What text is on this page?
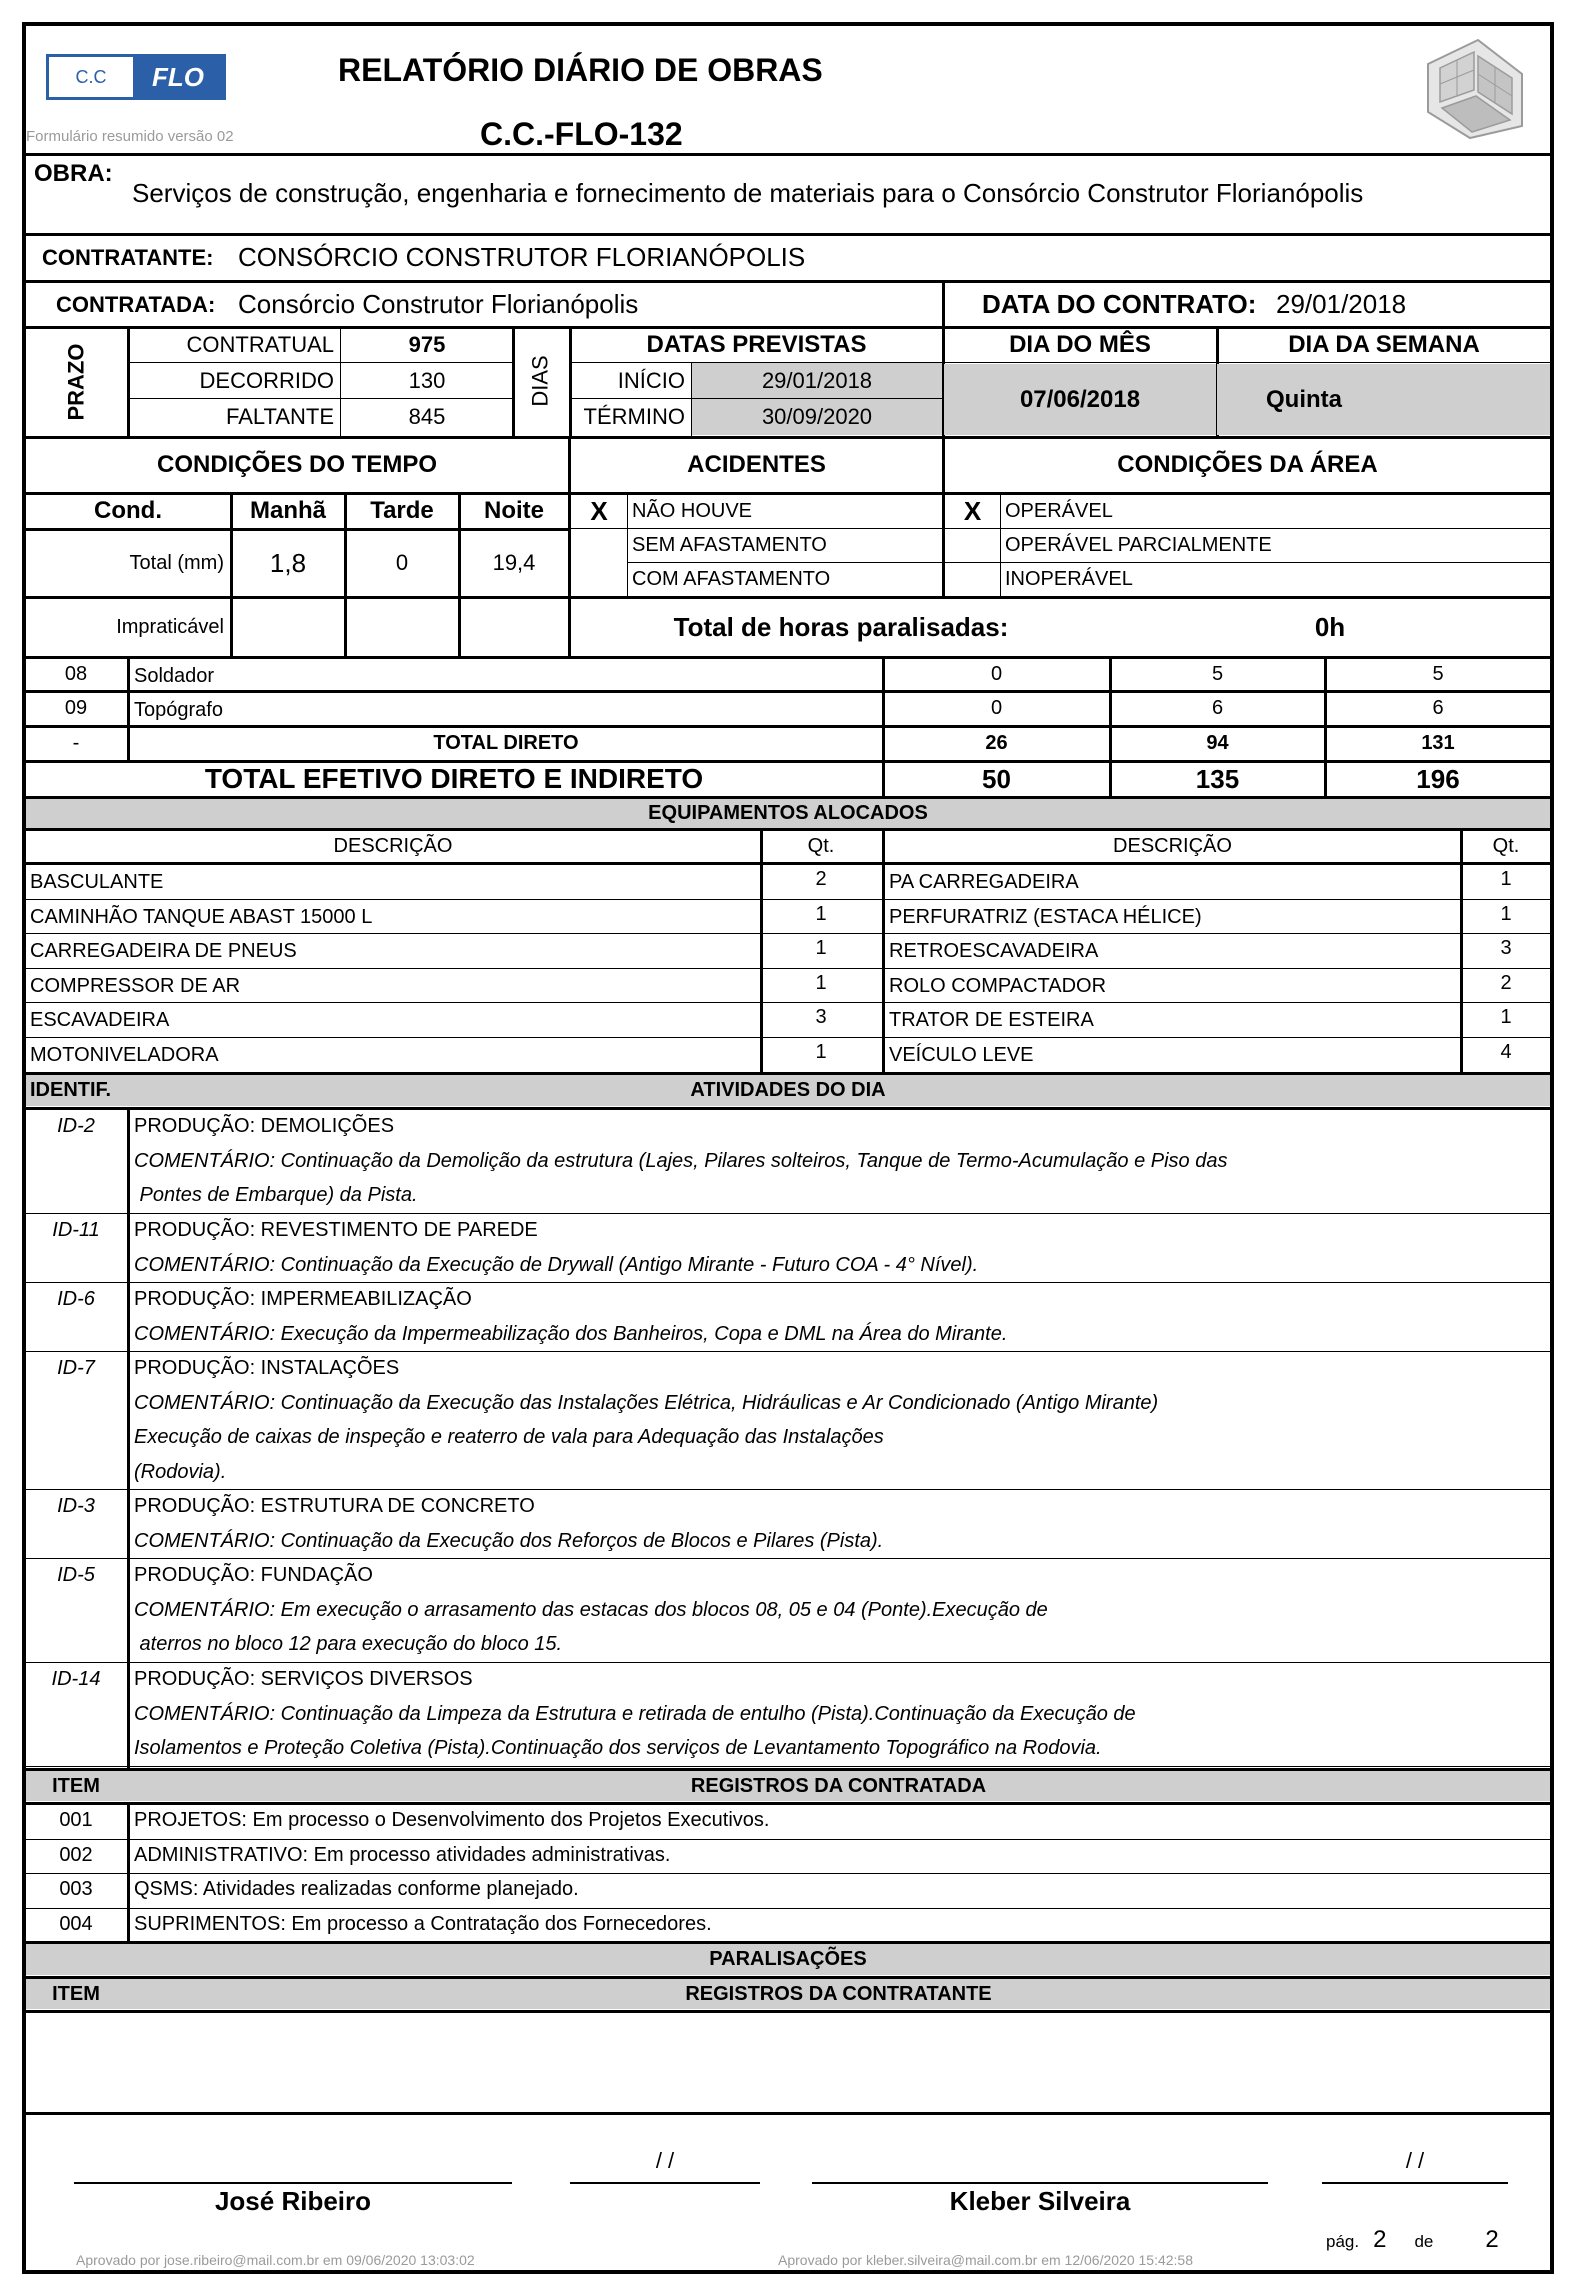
C.C	FLO
Formulário resumido versão 02
RELATÓRIO DIÁRIO DE OBRAS
C.C.-FLO-132
OBRA:
Serviços de construção, engenharia e fornecimento de materiais para o Consórcio Construtor Florianópolis
CONTRATANTE: CONSÓRCIO CONSTRUTOR FLORIANÓPOLIS
CONTRATADA: Consórcio Construtor Florianópolis	DATA DO CONTRATO: 29/01/2018
PRAZO	CONTRATUAL	975
DECORRIDO	130
FALTANTE	845
DIAS
DATAS PREVISTAS
INÍCIO	29/01/2018
TÉRMINO	30/09/2020
DIA DO MÊS	DIA DA SEMANA
07/06/2018	Quinta
CONDIÇÕES DO TEMPO	ACIDENTES	CONDIÇÕES DA ÁREA
Cond.	Manhã	Tarde	Noite
Total (mm)	1,8	0	19,4
Impraticável
X	NÃO HOUVE
SEM AFASTAMENTO
COM AFASTAMENTO
X	OPERÁVEL
OPERÁVEL PARCIALMENTE
INOPERÁVEL
Total de horas paralisadas:	0h
08	Soldador	0	5	5
09	Topógrafo	0	6	6
-	TOTAL DIRETO	26	94	131
TOTAL EFETIVO DIRETO E INDIRETO	50	135	196
EQUIPAMENTOS ALOCADOS
DESCRIÇÃO	Qt.	DESCRIÇÃO	Qt.
BASCULANTE	2	PA CARREGADEIRA	1
CAMINHÃO TANQUE ABAST 15000 L	1	PERFURATRIZ (ESTACA HÉLICE)	1
CARREGADEIRA DE PNEUS	1	RETROESCAVADEIRA	3
COMPRESSOR DE AR	1	ROLO COMPACTADOR	2
ESCAVADEIRA	3	TRATOR DE ESTEIRA	1
MOTONIVELADORA	1	VEÍCULO LEVE	4
IDENTIF.	ATIVIDADES DO DIA
ID-2	PRODUÇÃO: DEMOLIÇÕES
COMENTÁRIO: Continuação da Demolição da estrutura (Lajes, Pilares solteiros, Tanque de Termo-Acumulação e Piso das
Pontes de Embarque) da Pista.
ID-11	PRODUÇÃO: REVESTIMENTO DE PAREDE
COMENTÁRIO: Continuação da Execução de Drywall (Antigo Mirante - Futuro COA - 4° Nível).
ID-6	PRODUÇÃO: IMPERMEABILIZAÇÃO
COMENTÁRIO: Execução da Impermeabilização dos Banheiros, Copa e DML na Área do Mirante.
ID-7	PRODUÇÃO: INSTALAÇÕES
COMENTÁRIO: Continuação da Execução das Instalações Elétrica, Hidráulicas e Ar Condicionado (Antigo Mirante)
Execução de caixas de inspeção e reaterro de vala para Adequação das Instalações
(Rodovia).
ID-3	PRODUÇÃO: ESTRUTURA DE CONCRETO
COMENTÁRIO: Continuação da Execução dos Reforços de Blocos e Pilares (Pista).
ID-5	PRODUÇÃO: FUNDAÇÃO
COMENTÁRIO: Em execução o arrasamento das estacas dos blocos 08, 05 e 04 (Ponte).Execução de
aterros no bloco 12 para execução do bloco 15.
ID-14	PRODUÇÃO: SERVIÇOS DIVERSOS
COMENTÁRIO: Continuação da Limpeza da Estrutura e retirada de entulho (Pista).Continuação da Execução de
Isolamentos e Proteção Coletiva (Pista).Continuação dos serviços de Levantamento Topográfico na Rodovia.
ITEM	REGISTROS DA CONTRATADA
001	PROJETOS: Em processo o Desenvolvimento dos Projetos Executivos.
002	ADMINISTRATIVO: Em processo atividades administrativas.
003	QSMS: Atividades realizadas conforme planejado.
004	SUPRIMENTOS: Em processo a Contratação dos Fornecedores.
PARALISAÇÕES
ITEM	REGISTROS DA CONTRATANTE
José Ribeiro
/ /
Kleber Silveira
/ /
Aprovado por jose.ribeiro@mail.com.br em 09/06/2020 13:03:02	Aprovado por kleber.silveira@mail.com.br em 12/06/2020 15:42:58
pág. 2 de 2
